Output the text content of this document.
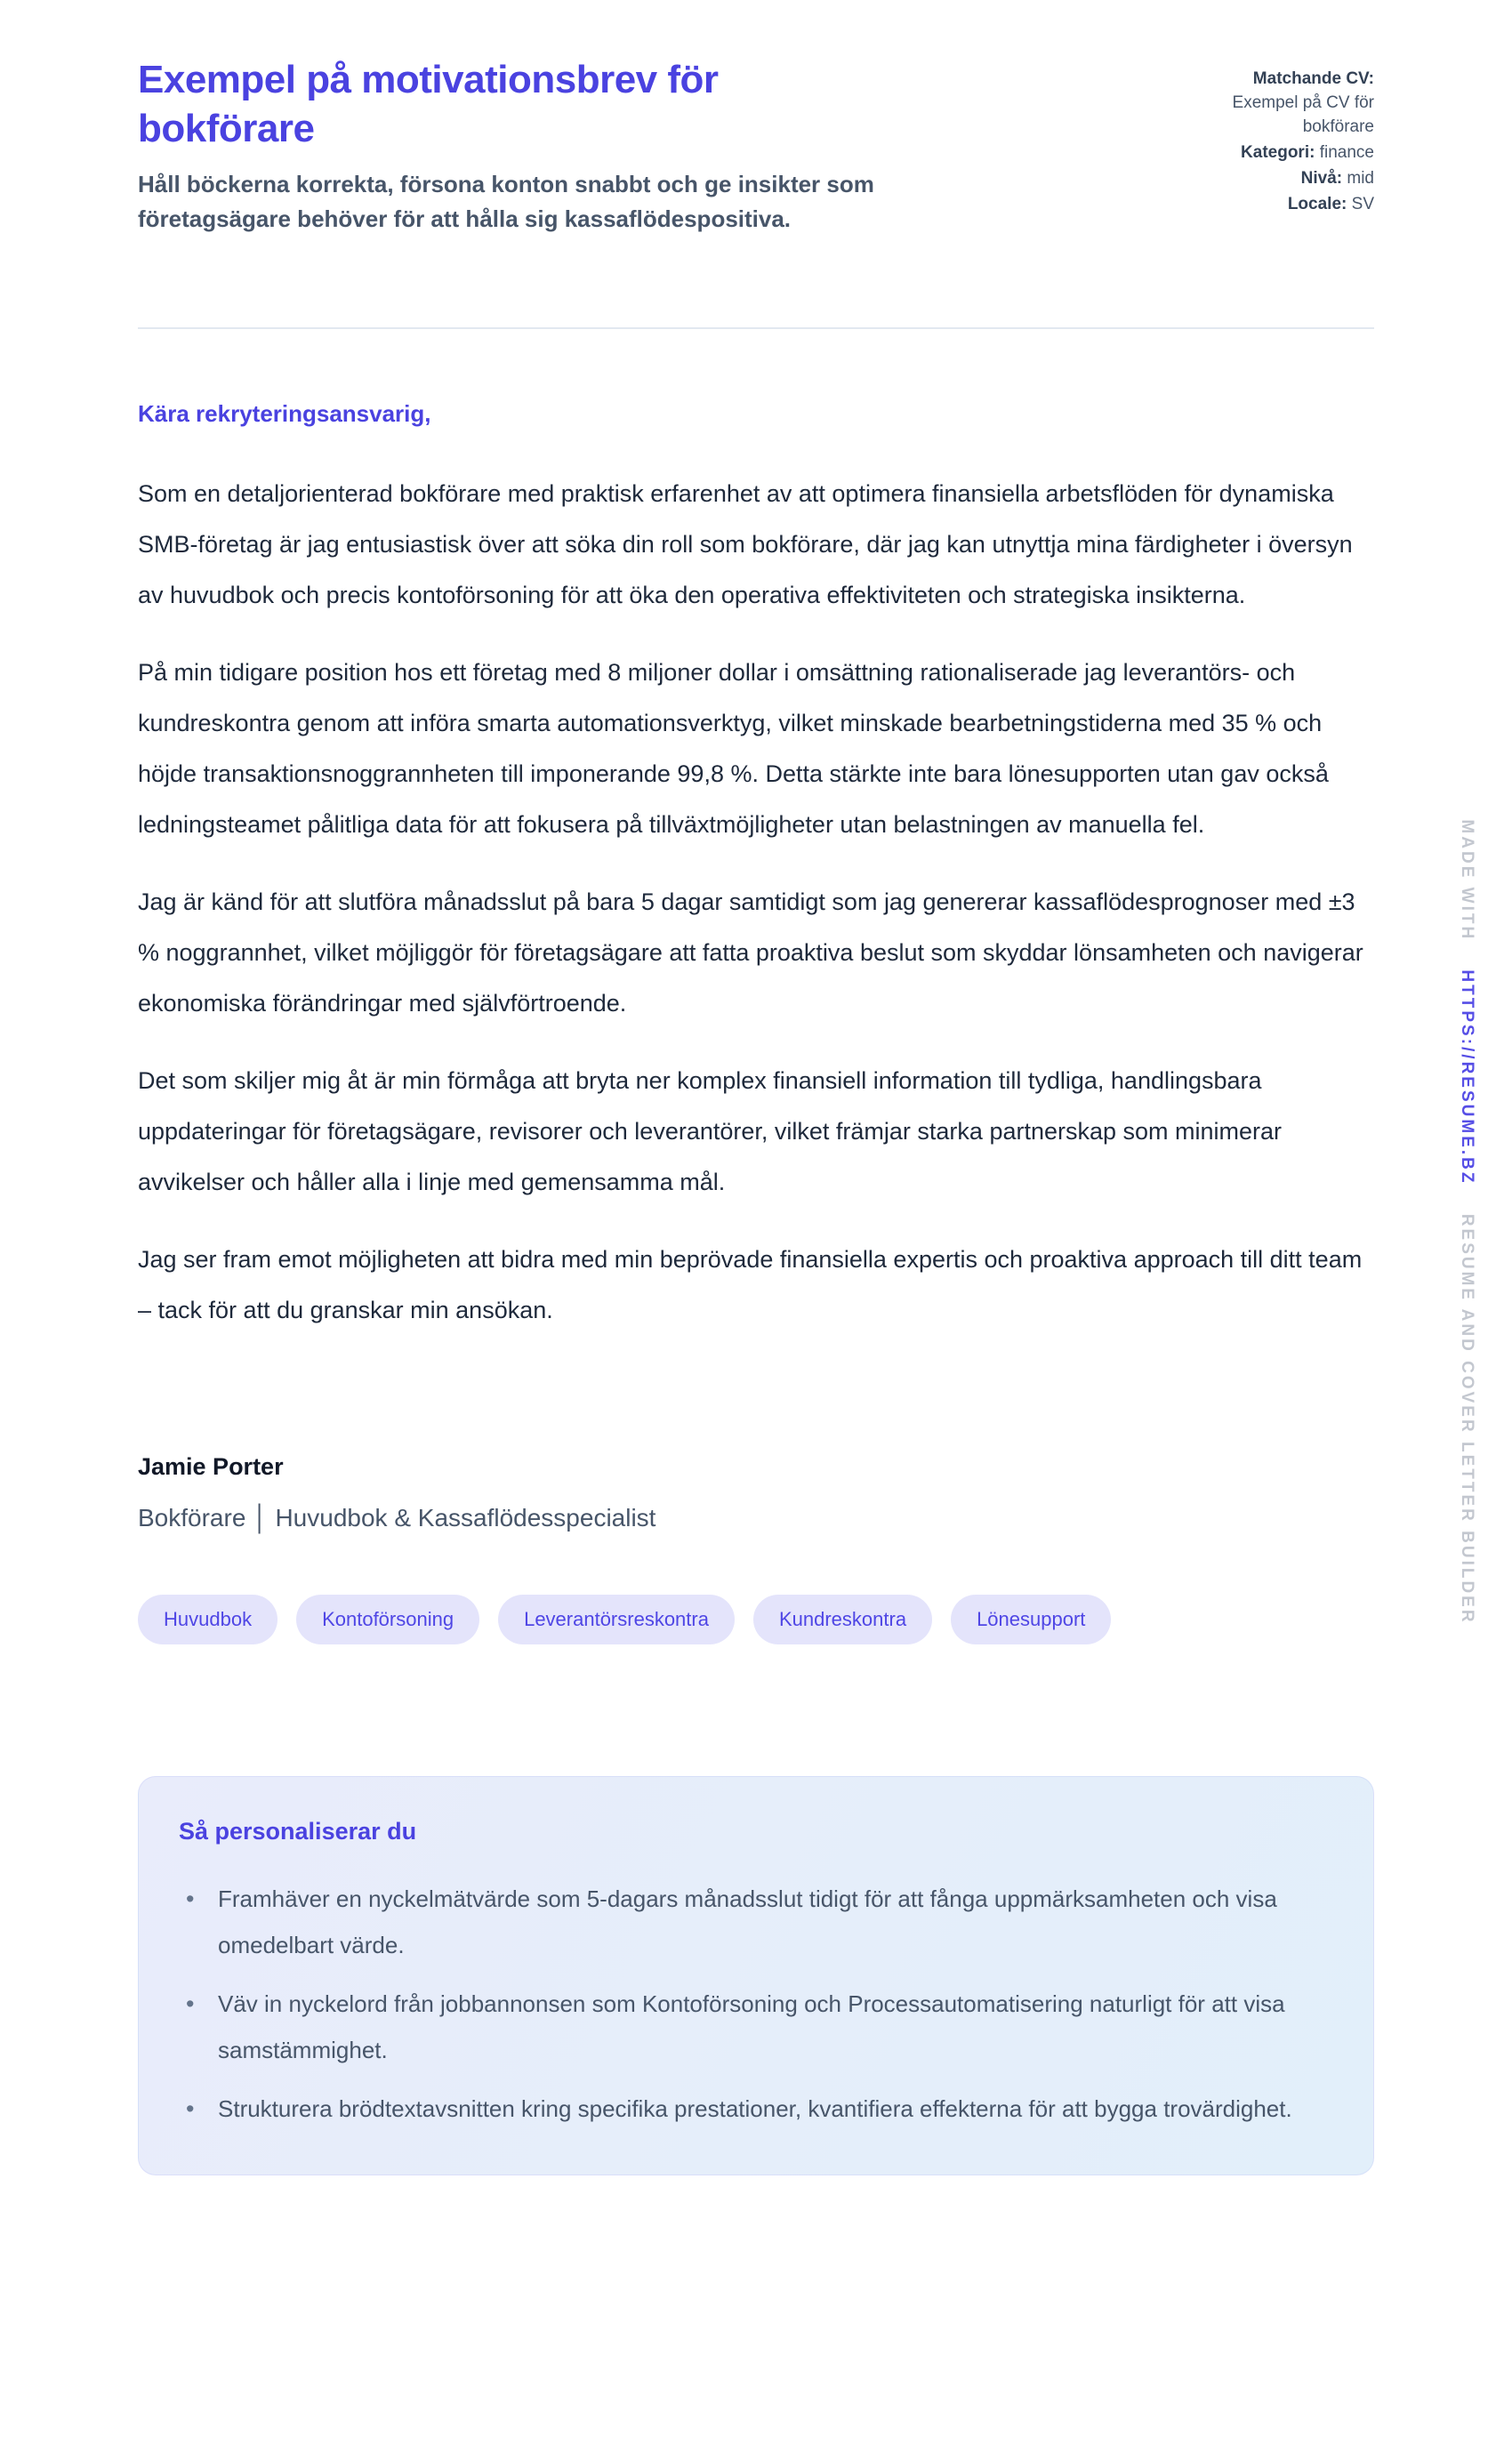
Exempel på motivationsbrev för bokförare

Håll böckerna korrekta, försona konton snabbt och ge insikter som företagsägare behöver för att hålla sig kassaflödespositiva.

Matchande CV:
Exempel på CV för bokförare
Kategori: finance
Nivå: mid
Locale: SV
Kära rekryteringsansvarig,

Som en detaljorienterad bokförare med praktisk erfarenhet av att optimera finansiella arbetsflöden för dynamiska SMB-företag är jag entusiastisk över att söka din roll som bokförare, där jag kan utnyttja mina färdigheter i översyn av huvudbok och precis kontoförsoning för att öka den operativa effektiviteten och strategiska insikterna.

På min tidigare position hos ett företag med 8 miljoner dollar i omsättning rationaliserade jag leverantörs- och kundreskontra genom att införa smarta automationsverktyg, vilket minskade bearbetningstiderna med 35 % och höjde transaktionsnoggrannheten till imponerande 99,8 %. Detta stärkte inte bara lönesupporten utan gav också ledningsteamet pålitliga data för att fokusera på tillväxtmöjligheter utan belastningen av manuella fel.

Jag är känd för att slutföra månadsslut på bara 5 dagar samtidigt som jag genererar kassaflödesprognoser med ±3 % noggrannhet, vilket möjliggör för företagsägare att fatta proaktiva beslut som skyddar lönsamheten och navigerar ekonomiska förändringar med självförtroende.

Det som skiljer mig åt är min förmåga att bryta ner komplex finansiell information till tydliga, handlingsbara uppdateringar för företagsägare, revisorer och leverantörer, vilket främjar starka partnerskap som minimerar avvikelser och håller alla i linje med gemensamma mål.

Jag ser fram emot möjligheten att bidra med min beprövade finansiella expertis och proaktiva approach till ditt team – tack för att du granskar min ansökan.

Jamie Porter
Bokförare │ Huvudbok & Kassaflödesspecialist
Huvudbok	Kontoförsoning	Leverantörsreskontra	Kundreskontra	Lönesupport
Så personaliserar du
•	Framhäver en nyckelmätvärde som 5-dagars månadsslut tidigt för att fånga uppmärksamheten och visa omedelbart värde.
•	Väv in nyckelord från jobbannonsen som Kontoförsoning och Processautomatisering naturligt för att visa samstämmighet.
•	Strukturera brödtextavsnitten kring specifika prestationer, kvantifiera effekterna för att bygga trovärdighet.
MADE WITH HTTPS://RESUME.BZ RESUME AND COVER LETTER BUILDER
